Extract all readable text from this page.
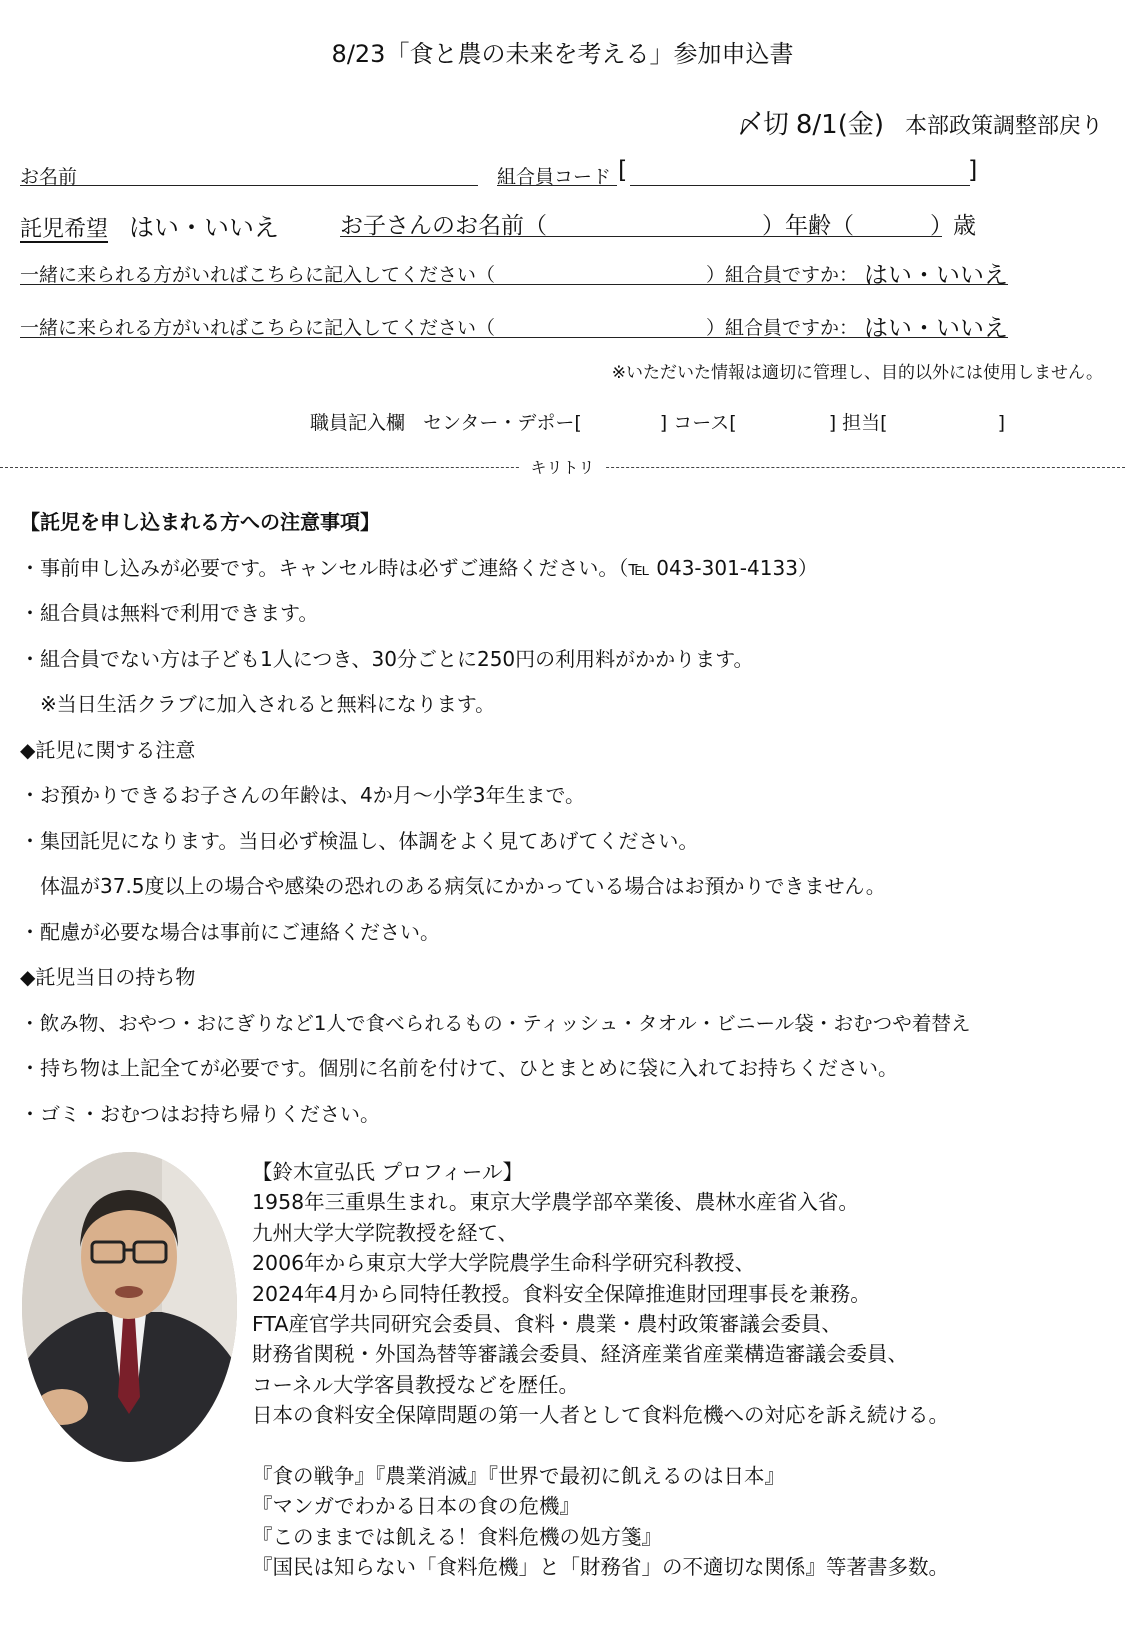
8/23「食と農の未来を考える」参加申込書
〆切 8/1(金) 本部政策調整部戻り
お名前	組合員コード [	]
託児希望 はい・いいえ	お子さんのお名前（	）年齢（	）歳
一緒に来られる方がいればこちらに記入してください（	）組合員ですか： はい・いいえ
一緒に来られる方がいればこちらに記入してください（	）組合員ですか： はい・いいえ
※いただいた情報は適切に管理し、目的以外には使用しません。
職員記入欄 センター・デポー[	] コース[	] 担当[	]
キリトリ
【託児を申し込まれる方への注意事項】
・事前申し込みが必要です。キャンセル時は必ずご連絡ください。（℡ 043-301-4133）
・組合員は無料で利用できます。
・組合員でない方は子ども1人につき、30分ごとに250円の利用料がかかります。
　※当日生活クラブに加入されると無料になります。
◆託児に関する注意
・お預かりできるお子さんの年齢は、4か月～小学3年生まで。
・集団託児になります。当日必ず検温し、体調をよく見てあげてください。
　体温が37.5度以上の場合や感染の恐れのある病気にかかっている場合はお預かりできません。
・配慮が必要な場合は事前にご連絡ください。
◆託児当日の持ち物
・飲み物、おやつ・おにぎりなど1人で食べられるもの・ティッシュ・タオル・ビニール袋・おむつや着替え
・持ち物は上記全てが必要です。個別に名前を付けて、ひとまとめに袋に入れてお持ちください。
・ゴミ・おむつはお持ち帰りください。
【鈴木宣弘氏 プロフィール】
1958年三重県生まれ。東京大学農学部卒業後、農林水産省入省。
九州大学大学院教授を経て、
2006年から東京大学大学院農学生命科学研究科教授、
2024年4月から同特任教授。食料安全保障推進財団理事長を兼務。
FTA産官学共同研究会委員、食料・農業・農村政策審議会委員、
財務省関税・外国為替等審議会委員、経済産業省産業構造審議会委員、
コーネル大学客員教授などを歴任。
日本の食料安全保障問題の第一人者として食料危機への対応を訴え続ける。
『食の戦争』『農業消滅』『世界で最初に飢えるのは日本』
『マンガでわかる日本の食の危機』
『このままでは飢える！食料危機の処方箋』
『国民は知らない「食料危機」と「財務省」の不適切な関係』等著書多数。
